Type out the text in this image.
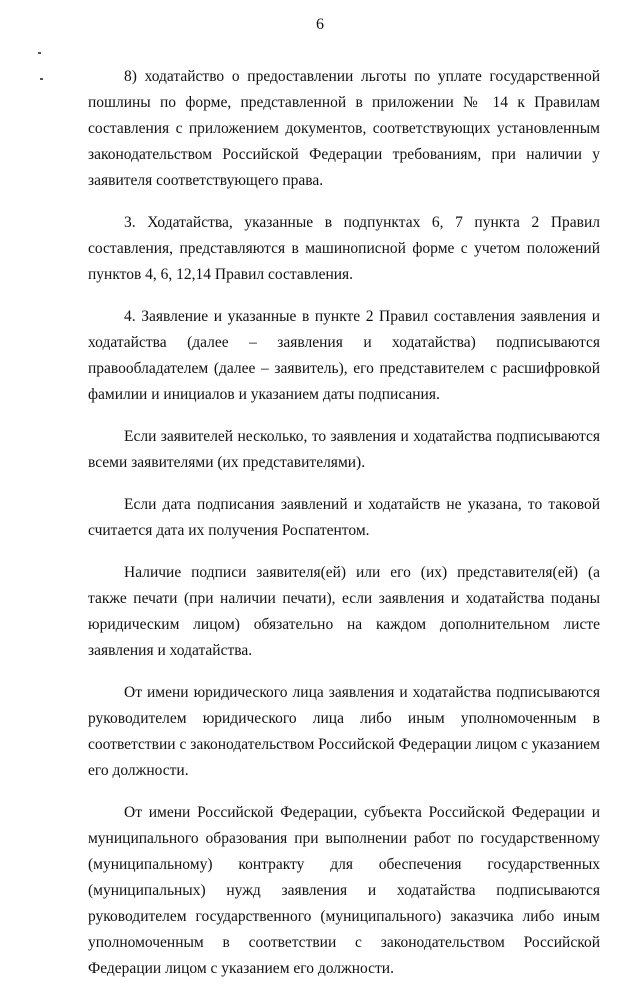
6

8) ходатайство о предоставлении льготы по уплате государственной пошлины по форме, представленной в приложении № 14 к Правилам составления с приложением документов, соответствующих установленным законодательством Российской Федерации требованиям, при наличии у заявителя соответствующего права.

3. Ходатайства, указанные в подпунктах 6, 7 пункта 2 Правил составления, представляются в машинописной форме с учетом положений пунктов 4, 6, 12,14 Правил составления.

4. Заявление и указанные в пункте 2 Правил составления заявления и ходатайства (далее – заявления и ходатайства) подписываются правообладателем (далее – заявитель), его представителем с расшифровкой фамилии и инициалов и указанием даты подписания.

Если заявителей несколько, то заявления и ходатайства подписываются всеми заявителями (их представителями).

Если дата подписания заявлений и ходатайств не указана, то таковой считается дата их получения Роспатентом.

Наличие подписи заявителя(ей) или его (их) представителя(ей) (а также печати (при наличии печати), если заявления и ходатайства поданы юридическим лицом) обязательно на каждом дополнительном листе заявления и ходатайства.

От имени юридического лица заявления и ходатайства подписываются руководителем юридического лица либо иным уполномоченным в соответствии с законодательством Российской Федерации лицом с указанием его должности.

От имени Российской Федерации, субъекта Российской Федерации и муниципального образования при выполнении работ по государственному (муниципальному) контракту для обеспечения государственных (муниципальных) нужд заявления и ходатайства подписываются руководителем государственного (муниципального) заказчика либо иным уполномоченным в соответствии с законодательством Российской Федерации лицом с указанием его должности.
